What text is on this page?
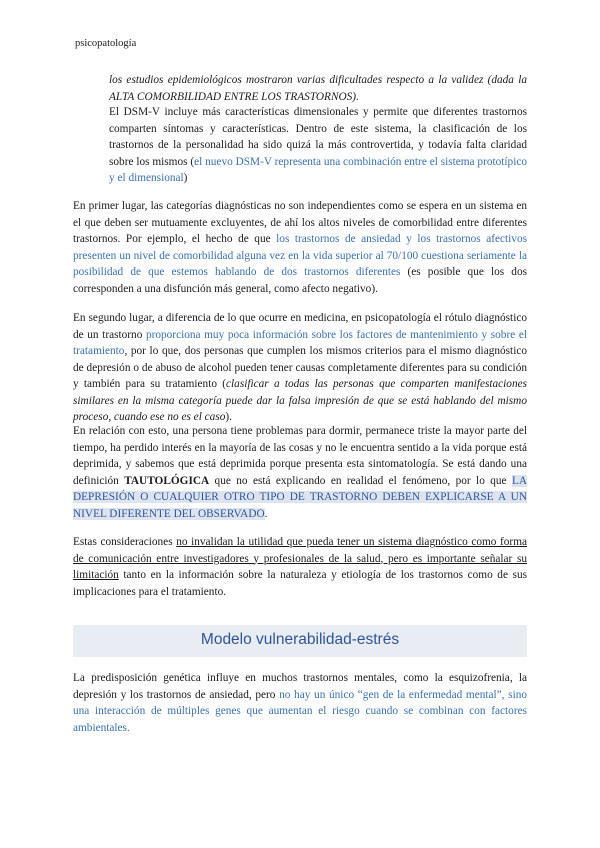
psicopatología

los estudios epidemiológicos mostraron varias dificultades respecto a la validez (dada la ALTA COMORBILIDAD ENTRE LOS TRASTORNOS).

El DSM-V incluye más características dimensionales y permite que diferentes trastornos comparten síntomas y características. Dentro de este sistema, la clasificación de los trastornos de la personalidad ha sido quizá la más controvertida, y todavía falta claridad sobre los mismos (el nuevo DSM-V representa una combinación entre el sistema prototípico y el dimensional)

En primer lugar, las categorías diagnósticas no son independientes como se espera en un sistema en el que deben ser mutuamente excluyentes, de ahí los altos niveles de comorbilidad entre diferentes trastornos. Por ejemplo, el hecho de que los trastornos de ansiedad y los trastornos afectivos presenten un nivel de comorbilidad alguna vez en la vida superior al 70/100 cuestiona seriamente la posibilidad de que estemos hablando de dos trastornos diferentes (es posible que los dos corresponden a una disfunción más general, como afecto negativo).

En segundo lugar, a diferencia de lo que ocurre en medicina, en psicopatología el rótulo diagnóstico de un trastorno proporciona muy poca información sobre los factores de mantenimiento y sobre el tratamiento, por lo que, dos personas que cumplen los mismos criterios para el mismo diagnóstico de depresión o de abuso de alcohol pueden tener causas completamente diferentes para su condición y también para su tratamiento (clasificar a todas las personas que comparten manifestaciones similares en la misma categoría puede dar la falsa impresión de que se está hablando del mismo proceso, cuando ese no es el caso).

En relación con esto, una persona tiene problemas para dormir, permanece triste la mayor parte del tiempo, ha perdido interés en la mayoría de las cosas y no le encuentra sentido a la vida porque está deprimida, y sabemos que está deprimida porque presenta esta sintomatología. Se está dando una definición TAUTOLÓGICA que no está explicando en realidad el fenómeno, por lo que LA DEPRESIÓN O CUALQUIER OTRO TIPO DE TRASTORNO DEBEN EXPLICARSE A UN NIVEL DIFERENTE DEL OBSERVADO.

Estas consideraciones no invalidan la utilidad que pueda tener un sistema diagnóstico como forma de comunicación entre investigadores y profesionales de la salud, pero es importante señalar su limitación tanto en la información sobre la naturaleza y etiología de los trastornos como de sus implicaciones para el tratamiento.

Modelo vulnerabilidad-estrés

La predisposición genética influye en muchos trastornos mentales, como la esquizofrenia, la depresión y los trastornos de ansiedad, pero no hay un único “gen de la enfermedad mental”, sino una interacción de múltiples genes que aumentan el riesgo cuando se combinan con factores ambientales.
